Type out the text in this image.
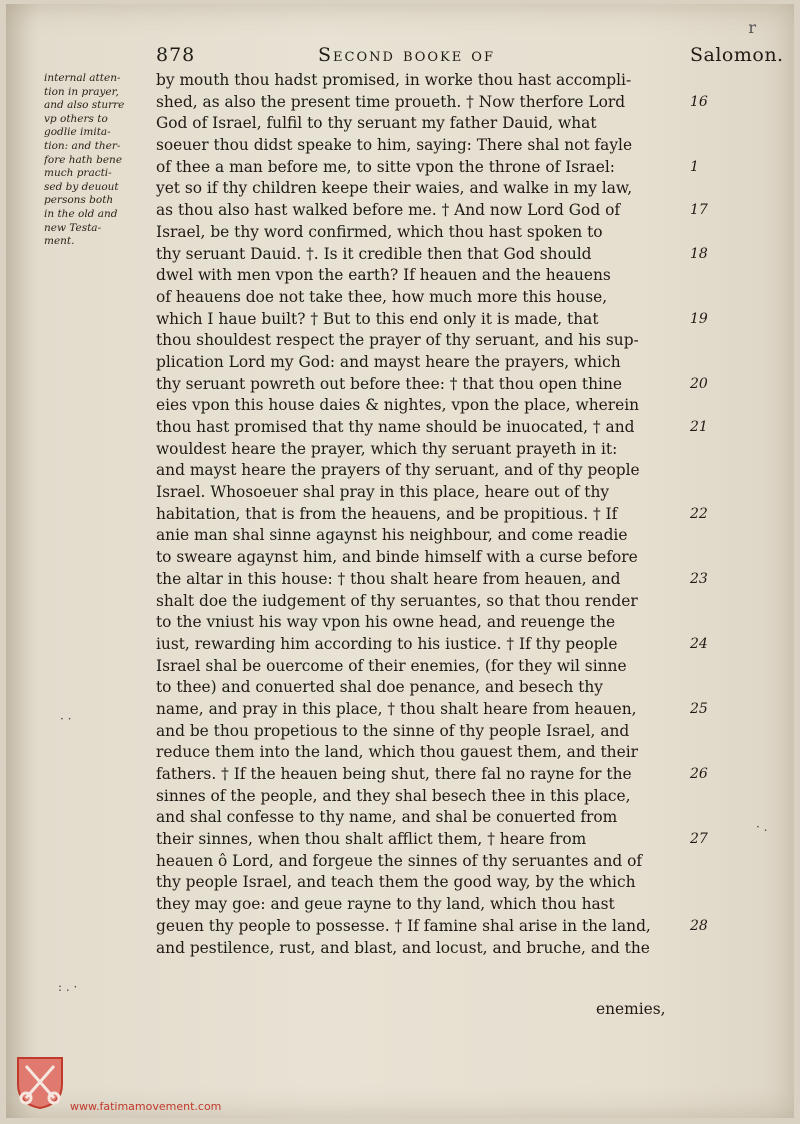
r
878	Second booke of	Salomon.
internal atten-
tion in prayer,
and also sturre
vp others to
godlie imita-
tion: and ther-
fore hath bene
much practi-
sed by deuout
persons both
in the old and
new Testa-
ment.
by mouth thou hadst promised, in worke thou hast accompli-
shed, as also the present time proueth. † Now therfore Lord
God of Israel, fulfil to thy seruant my father Dauid, what
soeuer thou didst speake to him, saying: There shal not fayle
of thee a man before me, to sitte vpon the throne of Israel:
yet so if thy children keepe their waies, and walke in my law,
as thou also hast walked before me. † And now Lord God of
Israel, be thy word confirmed, which thou hast spoken to
thy seruant Dauid. †. Is it credible then that God should
dwel with men vpon the earth? If heauen and the heauens
of heauens doe not take thee, how much more this house,
which I haue built? † But to this end only it is made, that
thou shouldest respect the prayer of thy seruant, and his sup-
plication Lord my God: and mayst heare the prayers, which
thy seruant powreth out before thee: † that thou open thine
eies vpon this house daies & nightes, vpon the place, wherein
thou hast promised that thy name should be inuocated, † and
wouldest heare the prayer, which thy seruant prayeth in it:
and mayst heare the prayers of thy seruant, and of thy people
Israel. Whosoeuer shal pray in this place, heare out of thy
habitation, that is from the heauens, and be propitious. † If
anie man shal sinne agaynst his neighbour, and come readie
to sweare agaynst him, and binde himself with a curse before
the altar in this house: † thou shalt heare from heauen, and
shalt doe the iudgement of thy seruantes, so that thou render
to the vniust his way vpon his owne head, and reuenge the
iust, rewarding him according to his iustice. † If thy people
Israel shal be ouercome of their enemies, (for they wil sinne
to thee) and conuerted shal doe penance, and besech thy
name, and pray in this place, † thou shalt heare from heauen,
and be thou propetious to the sinne of thy people Israel, and
reduce them into the land, which thou gauest them, and their
fathers. † If the heauen being shut, there fal no rayne for the
sinnes of the people, and they shal besech thee in this place,
and shal confesse to thy name, and shal be conuerted from
their sinnes, when thou shalt afflict them, † heare from
heauen ô Lord, and forgeue the sinnes of thy seruantes and of
thy people Israel, and teach them the good way, by the which
they may goe: and geue rayne to thy land, which thou hast
geuen thy people to possesse. † If famine shal arise in the land,
and pestilence, rust, and blast, and locust, and bruche, and the
16
1
17
18
19
20
21
22
23
24
25
26
27
28
enemies,
www.fatimamovement.com
· ·
· .
: . ·
